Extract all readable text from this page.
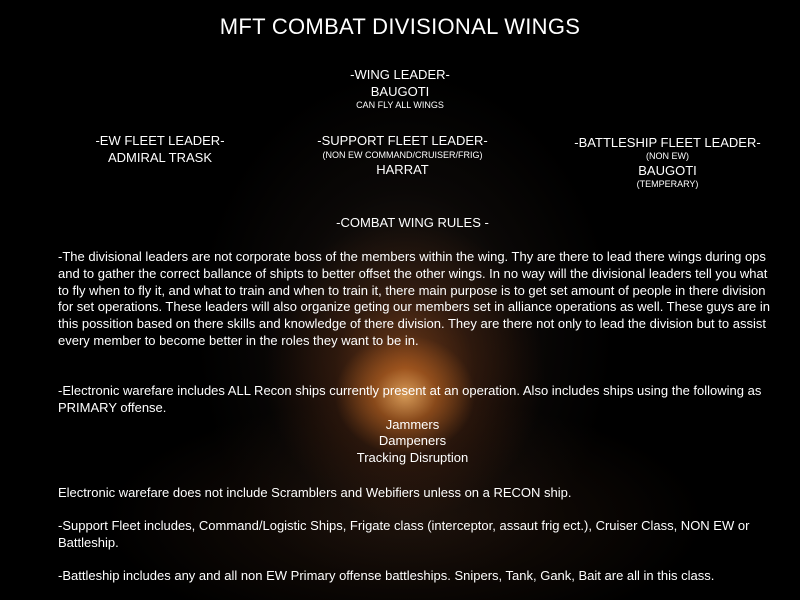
MFT COMBAT DIVISIONAL WINGS
-WING LEADER-
BAUGOTI
CAN FLY ALL WINGS
-EW FLEET LEADER-
ADMIRAL TRASK
-SUPPORT FLEET LEADER-
(NON EW COMMAND/CRUISER/FRIG)
HARRAT
-BATTLESHIP FLEET LEADER-
(NON EW)
BAUGOTI
(TEMPERARY)
-COMBAT WING RULES -
-The divisional leaders are not corporate boss of the members within the wing. Thy are there to lead there wings during ops and to gather the correct ballance of shipts to better offset the other wings. In no way will the divisional leaders tell you what to fly when to fly it, and what to train and when to train it, there main purpose is to get set amount of people in there division for set operations. These leaders will also organize geting our members set in alliance operations as well. These guys are in this possition based on there skills and knowledge of there division. They are there not only to lead the division but to assist every member to become better in the roles they want to be in.
-Electronic warefare includes ALL Recon ships currently present at an operation. Also includes ships using the following as PRIMARY offense.
Jammers
Dampeners
Tracking Disruption
Electronic warefare does not include Scramblers and Webifiers unless on a RECON ship.
-Support Fleet includes, Command/Logistic Ships, Frigate class (interceptor, assaut frig ect.), Cruiser Class, NON EW or Battleship.
-Battleship includes any and all non EW Primary offense battleships. Snipers, Tank, Gank, Bait are all in this class.
